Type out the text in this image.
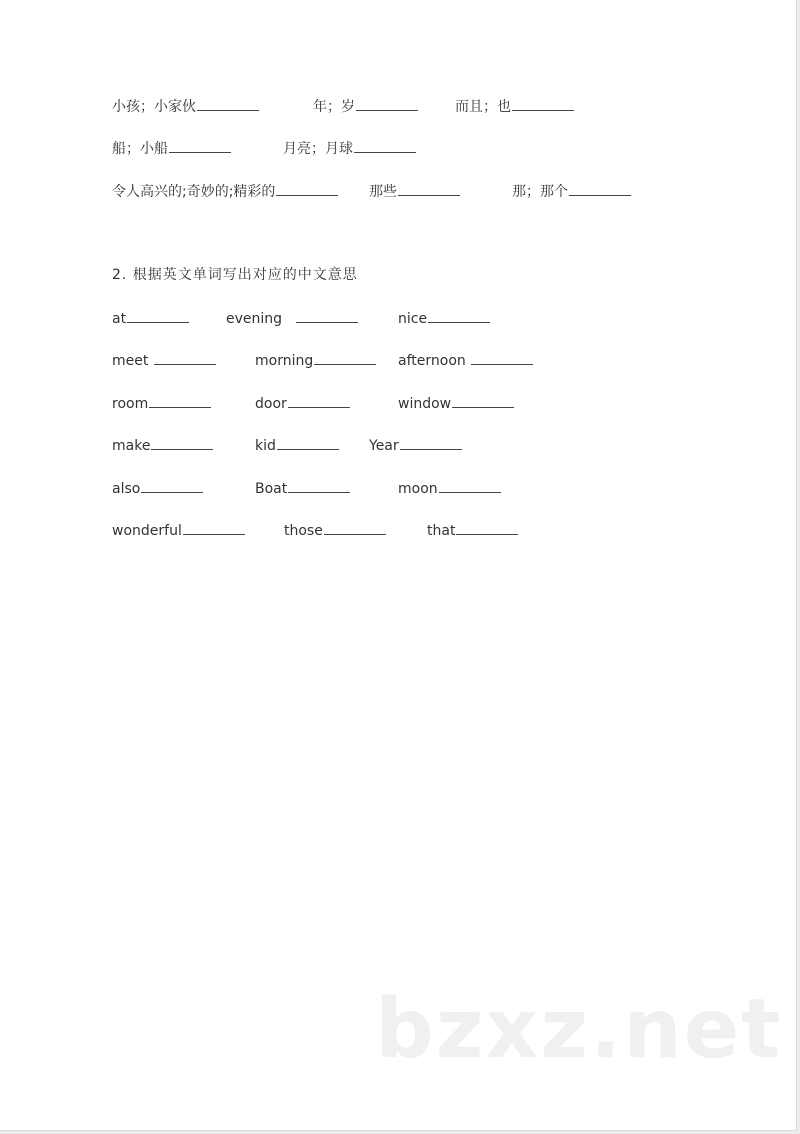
小孩；小家伙	年；岁	而且；也
船；小船	月亮；月球
令人高兴的;奇妙的;精彩的	那些	那；那个
2. 根据英文单词写出对应的中文意思
at	evening	nice
meet	morning	afternoon
room	door	window
make	kid	Year
also	Boat	moon
wonderful	those	that
bzxz.net
